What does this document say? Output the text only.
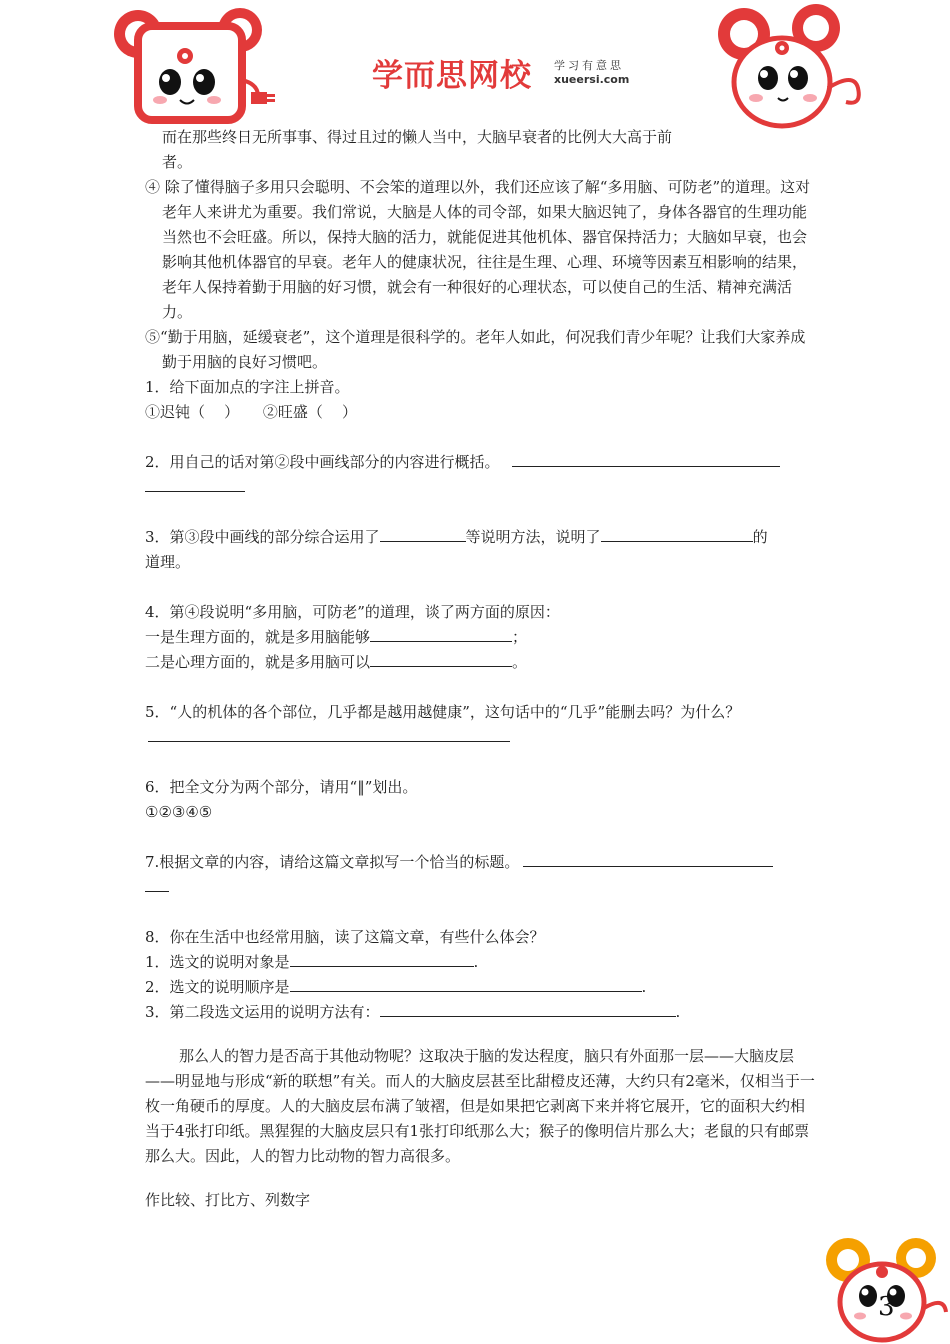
学而思网校 学习有意思
xueersi.com

而在那些终日无所事事、得过且过的懒人当中，大脑早衰者的比例大大高于前
者。

④ 除了懂得脑子多用只会聪明、不会笨的道理以外，我们还应该了解“多用脑、可防老”的道理。这对老年人来讲尤为重要。我们常说，大脑是人体的司令部，如果大脑迟钝了，身体各器官的生理功能当然也不会旺盛。所以，保持大脑的活力，就能促进其他机体、器官保持活力；大脑如早衰，也会影响其他机体器官的早衰。老年人的健康状况，往往是生理、心理、环境等因素互相影响的结果，老年人保持着勤于用脑的好习惯，就会有一种很好的心理状态，可以使自己的生活、精神充满活力。

⑤“勤于用脑，延缓衰老”，这个道理是很科学的。老年人如此，何况我们青少年呢？让我们大家养成勤于用脑的良好习惯吧。

1．给下面加点的字注上拼音。

①迟钝（    ）     ②旺盛（    ）

2．用自己的话对第②段中画线部分的内容进行概括。

3．第③段中画线的部分综合运用了	等说明方法，说明了	的
道理。

4．第④段说明“多用脑，可防老”的道理，谈了两方面的原因：
一是生理方面的，就是多用脑能够	；
二是心理方面的，就是多用脑可以	。

5．“人的机体的各个部位，几乎都是越用越健康”，这句话中的“几乎”能删去吗？为什么？

6．把全文分为两个部分，请用“‖”划出。
①②③④⑤

7.根据文章的内容，请给这篇文章拟写一个恰当的标题。

8．你在生活中也经常用脑，读了这篇文章，有些什么体会？
1．选文的说明对象是	.
2．选文的说明顺序是	.
3．第二段选文运用的说明方法有：	.

那么人的智力是否高于其他动物呢？这取决于脑的发达程度，脑只有外面那一层——大脑皮层——明显地与形成“新的联想”有关。而人的大脑皮层甚至比甜橙皮还薄，大约只有2毫米，仅相当于一枚一角硬币的厚度。人的大脑皮层布满了皱褶，但是如果把它剥离下来并将它展开，它的面积大约相当于4张打印纸。黑猩猩的大脑皮层只有1张打印纸那么大；猴子的像明信片那么大；老鼠的只有邮票那么大。因此，人的智力比动物的智力高很多。

作比较、打比方、列数字

3
